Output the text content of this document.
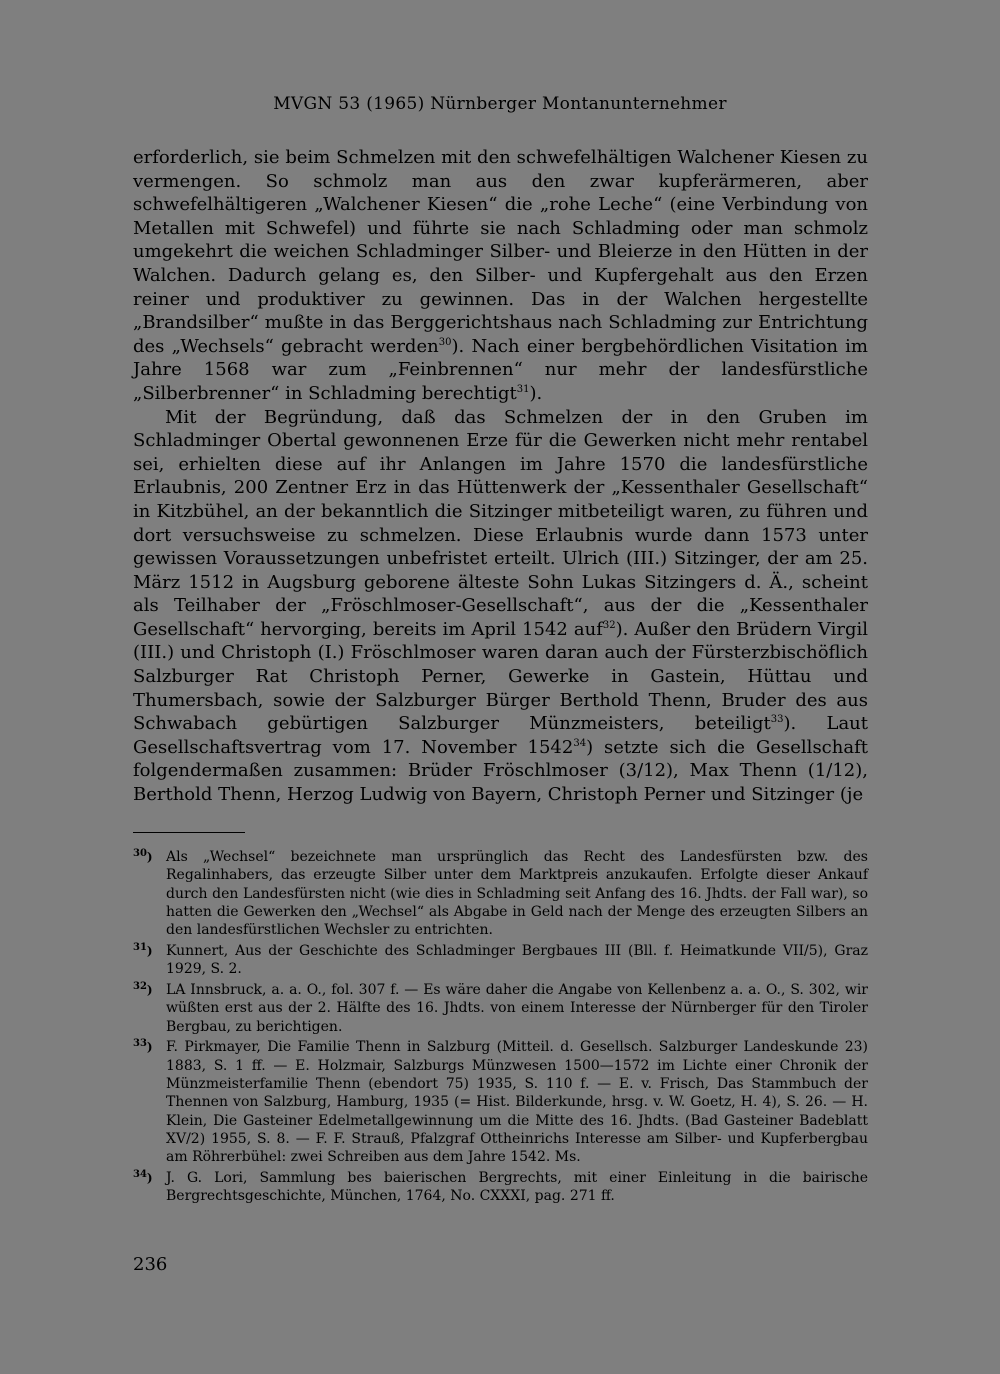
MVGN 53 (1965) Nürnberger Montanunternehmer

erforderlich, sie beim Schmelzen mit den schwefelhältigen Walchener Kiesen zu vermengen. So schmolz man aus den zwar kupferärmeren, aber schwefelhältigeren „Walchener Kiesen“ die „rohe Leche“ (eine Verbindung von Metallen mit Schwefel) und führte sie nach Schladming oder man schmolz umgekehrt die weichen Schladminger Silber- und Bleierze in den Hütten in der Walchen. Dadurch gelang es, den Silber- und Kupfergehalt aus den Erzen reiner und produktiver zu gewinnen. Das in der Walchen hergestellte „Brandsilber“ mußte in das Berggerichtshaus nach Schladming zur Entrichtung des „Wechsels“ gebracht werden$^{30}$). Nach einer bergbehördlichen Visitation im Jahre 1568 war zum „Feinbrennen“ nur mehr der landesfürstliche „Silberbrenner“ in Schladming berechtigt$^{31}$).

Mit der Begründung, daß das Schmelzen der in den Gruben im Schladminger Obertal gewonnenen Erze für die Gewerken nicht mehr rentabel sei, erhielten diese auf ihr Anlangen im Jahre 1570 die landesfürstliche Erlaubnis, 200 Zentner Erz in das Hüttenwerk der „Kessenthaler Gesellschaft“ in Kitzbühel, an der bekanntlich die Sitzinger mitbeteiligt waren, zu führen und dort versuchsweise zu schmelzen. Diese Erlaubnis wurde dann 1573 unter gewissen Voraussetzungen unbefristet erteilt. Ulrich (III.) Sitzinger, der am 25. März 1512 in Augsburg geborene älteste Sohn Lukas Sitzingers d. Ä., scheint als Teilhaber der „Fröschlmoser-Gesellschaft“, aus der die „Kessenthaler Gesellschaft“ hervorging, bereits im April 1542 auf$^{32}$). Außer den Brüdern Virgil (III.) und Christoph (I.) Fröschlmoser waren daran auch der Fürsterzbischöflich Salzburger Rat Christoph Perner, Gewerke in Gastein, Hüttau und Thumersbach, sowie der Salzburger Bürger Berthold Thenn, Bruder des aus Schwabach gebürtigen Salzburger Münzmeisters, beteiligt$^{33}$). Laut Gesellschaftsvertrag vom 17. November 1542$^{34}$) setzte sich die Gesellschaft folgendermaßen zusammen: Brüder Fröschlmoser (3/12), Max Thenn (1/12), Berthold Thenn, Herzog Ludwig von Bayern, Christoph Perner und Sitzinger (je

$^{30}$) Als „Wechsel“ bezeichnete man ursprünglich das Recht des Landesfürsten bzw. des Regalinhabers, das erzeugte Silber unter dem Marktpreis anzukaufen. Erfolgte dieser Ankauf durch den Landesfürsten nicht (wie dies in Schladming seit Anfang des 16. Jhdts. der Fall war), so hatten die Gewerken den „Wechsel“ als Abgabe in Geld nach der Menge des erzeugten Silbers an den landesfürstlichen Wechsler zu entrichten.
$^{31}$) Kunnert, Aus der Geschichte des Schladminger Bergbaues III (Bll. f. Heimatkunde VII/5), Graz 1929, S. 2.
$^{32}$) LA Innsbruck, a. a. O., fol. 307 f. — Es wäre daher die Angabe von Kellenbenz a. a. O., S. 302, wir wüßten erst aus der 2. Hälfte des 16. Jhdts. von einem Interesse der Nürnberger für den Tiroler Bergbau, zu berichtigen.
$^{33}$) F. Pirkmayer, Die Familie Thenn in Salzburg (Mitteil. d. Gesellsch. Salzburger Landeskunde 23) 1883, S. 1 ff. — E. Holzmair, Salzburgs Münzwesen 1500—1572 im Lichte einer Chronik der Münzmeisterfamilie Thenn (ebendort 75) 1935, S. 110 f. — E. v. Frisch, Das Stammbuch der Thennen von Salzburg, Hamburg, 1935 (= Hist. Bilderkunde, hrsg. v. W. Goetz, H. 4), S. 26. — H. Klein, Die Gasteiner Edelmetallgewinnung um die Mitte des 16. Jhdts. (Bad Gasteiner Badeblatt XV/2) 1955, S. 8. — F. F. Strauß, Pfalzgraf Ottheinrichs Interesse am Silber- und Kupferbergbau am Röhrerbühel: zwei Schreiben aus dem Jahre 1542. Ms.
$^{34}$) J. G. Lori, Sammlung bes baierischen Bergrechts, mit einer Einleitung in die bairische Bergrechtsgeschichte, München, 1764, No. CXXXI, pag. 271 ff.
236
